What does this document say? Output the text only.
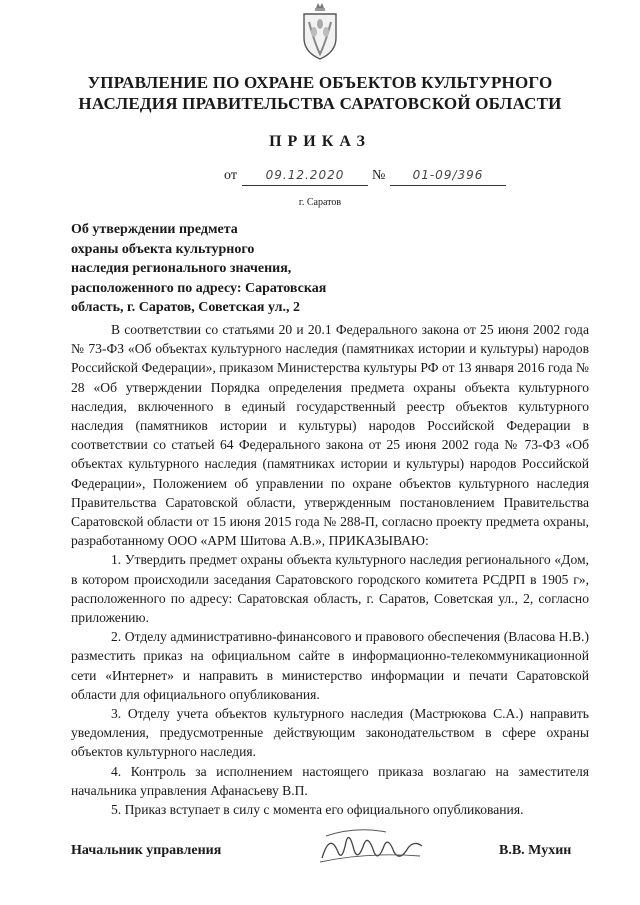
УПРАВЛЕНИЕ ПО ОХРАНЕ ОБЪЕКТОВ КУЛЬТУРНОГО
НАСЛЕДИЯ ПРАВИТЕЛЬСТВА САРАТОВСКОЙ ОБЛАСТИ
ПРИКАЗ
от	09.12.2020	№	01-09/396
г. Саратов
Об утверждении предмета
охраны объекта культурного
наследия регионального значения,
расположенного по адресу: Саратовская
область, г. Саратов, Советская ул., 2

В соответствии со статьями 20 и 20.1 Федерального закона от 25 июня 2002 года № 73-ФЗ «Об объектах культурного наследия (памятниках истории и культуры) народов Российской Федерации», приказом Министерства культуры РФ от 13 января 2016 года № 28 «Об утверждении Порядка определения предмета охраны объекта культурного наследия, включенного в единый государственный реестр объектов культурного наследия (памятников истории и культуры) народов Российской Федерации в соответствии со статьей 64 Федерального закона от 25 июня 2002 года № 73-ФЗ «Об объектах культурного наследия (памятниках истории и культуры) народов Российской Федерации», Положением об управлении по охране объектов культурного наследия Правительства Саратовской области, утвержденным постановлением Правительства Саратовской области от 15 июня 2015 года № 288-П, согласно проекту предмета охраны, разработанному ООО «АРМ Шитова А.В.», ПРИКАЗЫВАЮ:

1. Утвердить предмет охраны объекта культурного наследия регионального «Дом, в котором происходили заседания Саратовского городского комитета РСДРП в 1905 г», расположенного по адресу: Саратовская область, г. Саратов, Советская ул., 2, согласно приложению.

2. Отделу административно-финансового и правового обеспечения (Власова Н.В.) разместить приказ на официальном сайте в информационно-телекоммуникационной сети «Интернет» и направить в министерство информации и печати Саратовской области для официального опубликования.

3. Отделу учета объектов культурного наследия (Мастрюкова С.А.) направить уведомления, предусмотренные действующим законодательством в сфере охраны объектов культурного наследия.

4. Контроль за исполнением настоящего приказа возлагаю на заместителя начальника управления Афанасьеву В.П.

5. Приказ вступает в силу с момента его официального опубликования.

Начальник управления	В.В. Мухин
